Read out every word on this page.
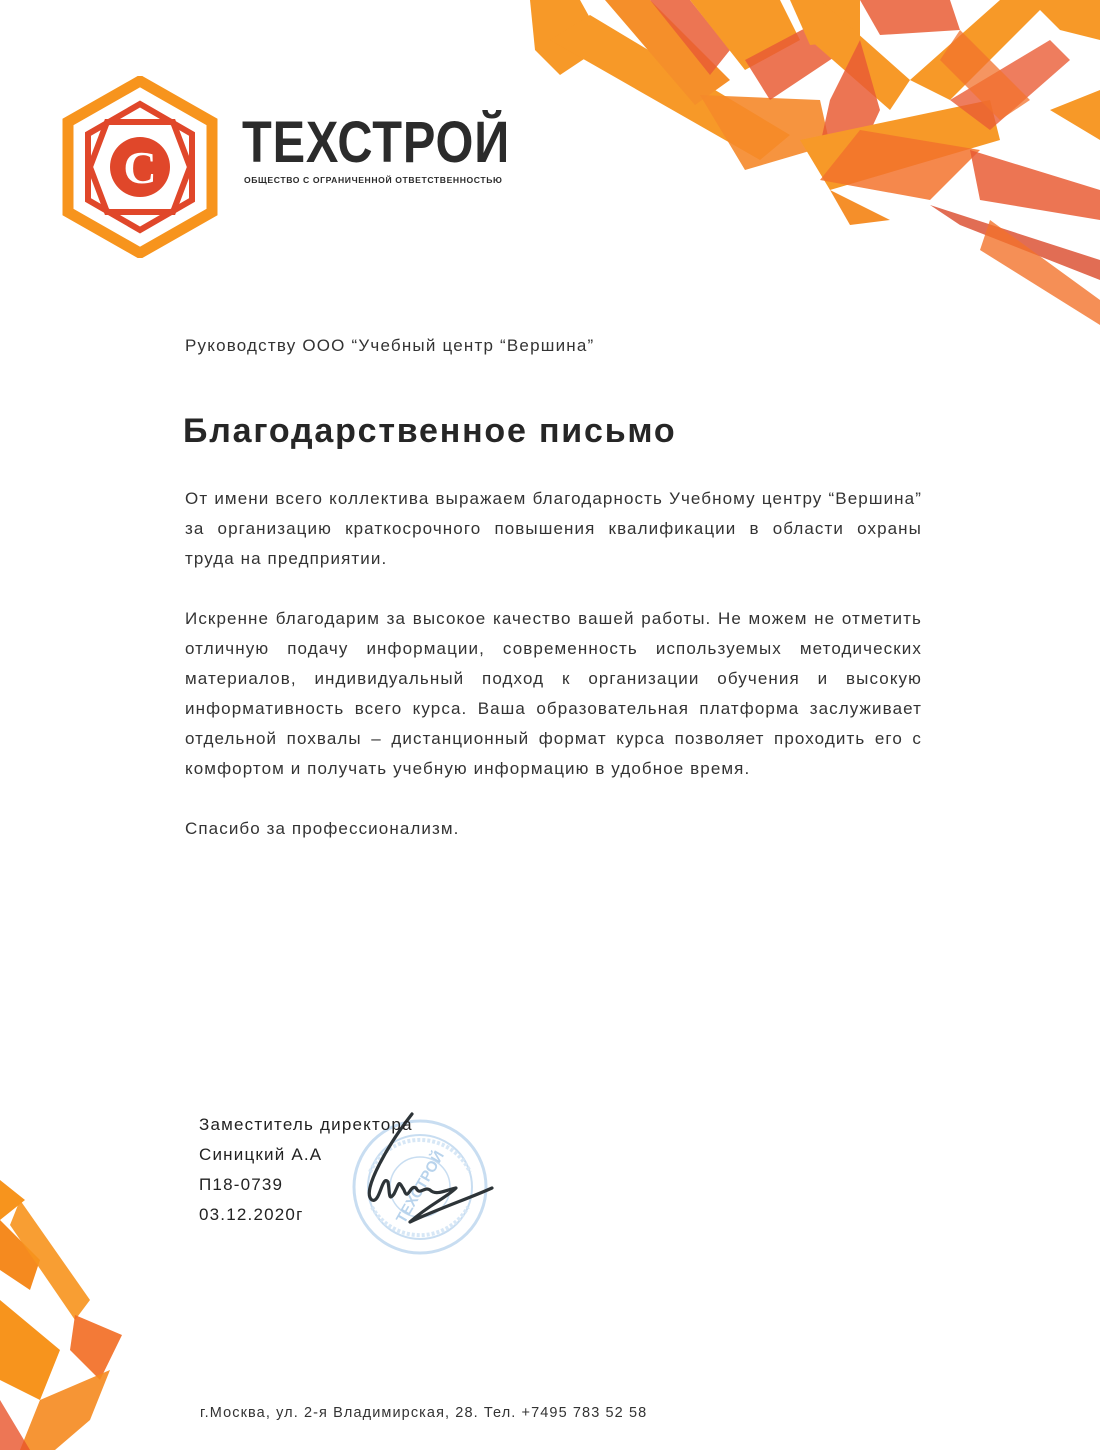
C ТЕХСТРОЙ
ОБЩЕСТВО С ОГРАНИЧЕННОЙ ОТВЕТСТВЕННОСТЬЮ
Руководству ООО “Учебный центр “Вершина”
Благодарственное письмо

От имени всего коллектива выражаем благодарность Учебному центру “Вершина” за организацию краткосрочного повышения квалификации в области охраны труда на предприятии.

Искренне благодарим за высокое качество вашей работы. Не можем не отметить отличную подачу информации, современность используемых методических материалов, индивидуальный подход к организации обучения и высокую информативность всего курса. Ваша образовательная платформа заслуживает отдельной похвалы – дистанционный формат курса позволяет проходить его с комфортом и получать учебную информацию в удобное время.

Спасибо за профессионализм.

ТЕХСТРОЙ
Заместитель директора
Синицкий А.А
П18-0739
03.12.2020г
г.Москва, ул. 2-я Владимирская, 28. Тел. +7495 783 52 58
